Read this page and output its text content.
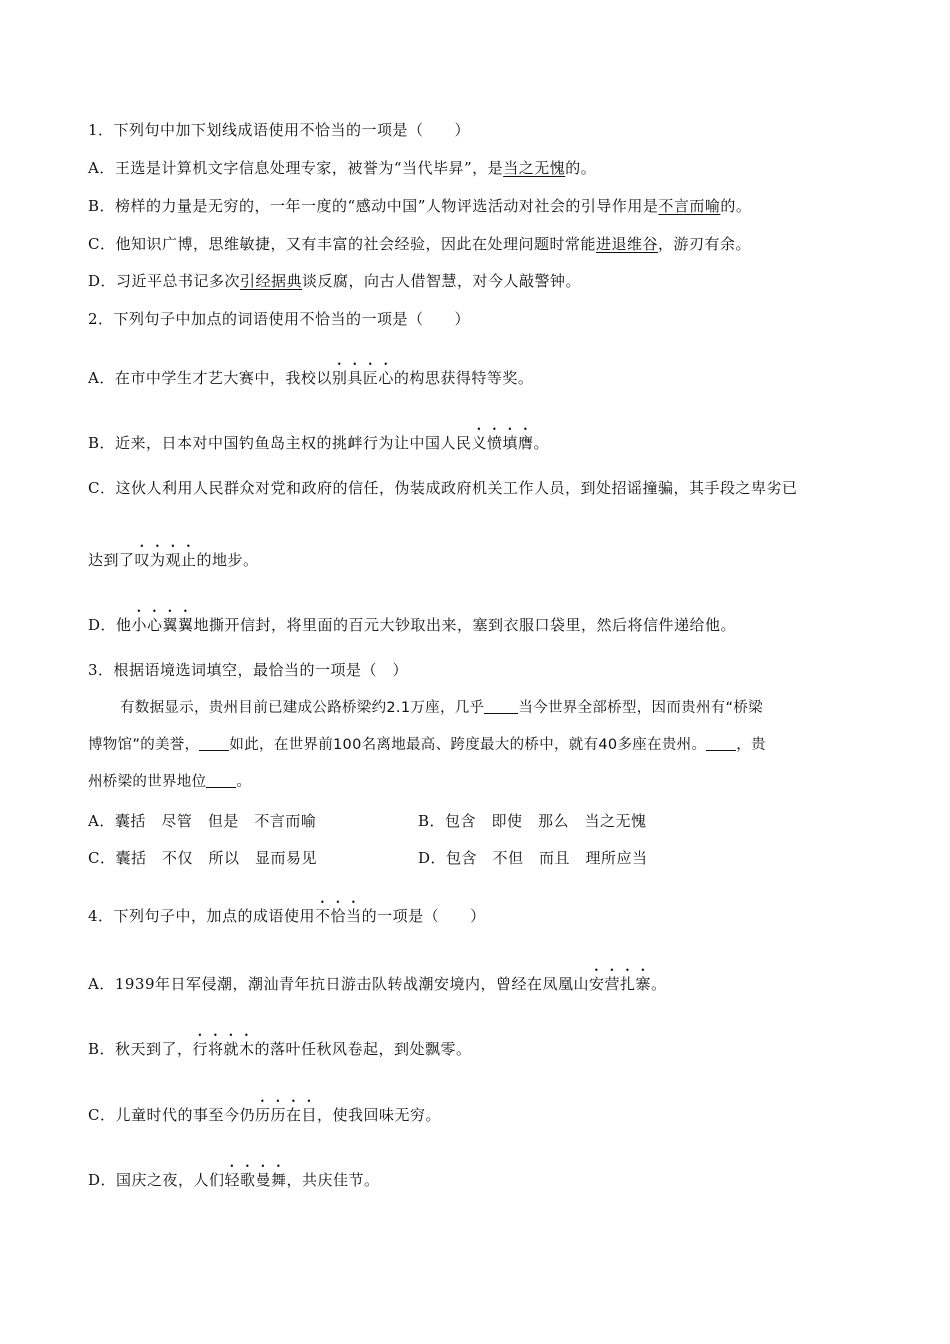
1．下列句中加下划线成语使用不恰当的一项是（　　）
A．王选是计算机文字信息处理专家，被誉为“当代毕昇”，是当之无愧的。
B．榜样的力量是无穷的，一年一度的“感动中国”人物评选活动对社会的引导作用是不言而喻的。
C．他知识广博，思维敏捷，又有丰富的社会经验，因此在处理问题时常能进退维谷，游刃有余。
D．习近平总书记多次引经据典谈反腐，向古人借智慧，对今人敲警钟。
2．下列句子中加点的词语使用不恰当的一项是（　　）
A．在市中学生才艺大赛中，我校以别具匠心的构思获得特等奖。
B．近来，日本对中国钓鱼岛主权的挑衅行为让中国人民义愤填膺。
C．这伙人利用人民群众对党和政府的信任，伪装成政府机关工作人员，到处招谣撞骗，其手段之卑劣已
达到了叹为观止的地步。
D．他小心翼翼地撕开信封，将里面的百元大钞取出来，塞到衣服口袋里，然后将信件递给他。
3．根据语境选词填空，最恰当的一项是（　）
有数据显示，贵州目前已建成公路桥梁约2.1万座，几乎 当今世界全部桥型，因而贵州有“桥梁
博物馆”的美誉， 如此，在世界前100名离地最高、跨度最大的桥中，就有40多座在贵州。 ，贵
州桥梁的世界地位 。
A．囊括　尽管　但是　不言而喻	B．包含　即使　那么　当之无愧
C．囊括　不仅　所以　显而易见	D．包含　不但　而且　理所应当
4．下列句子中，加点的成语使用不恰当的一项是（　　）
A．1939年日军侵潮，潮汕青年抗日游击队转战潮安境内，曾经在凤凰山安营扎寨。
B．秋天到了，行将就木的落叶任秋风卷起，到处飘零。
C．儿童时代的事至今仍历历在目，使我回味无穷。
D．国庆之夜，人们轻歌曼舞，共庆佳节。
